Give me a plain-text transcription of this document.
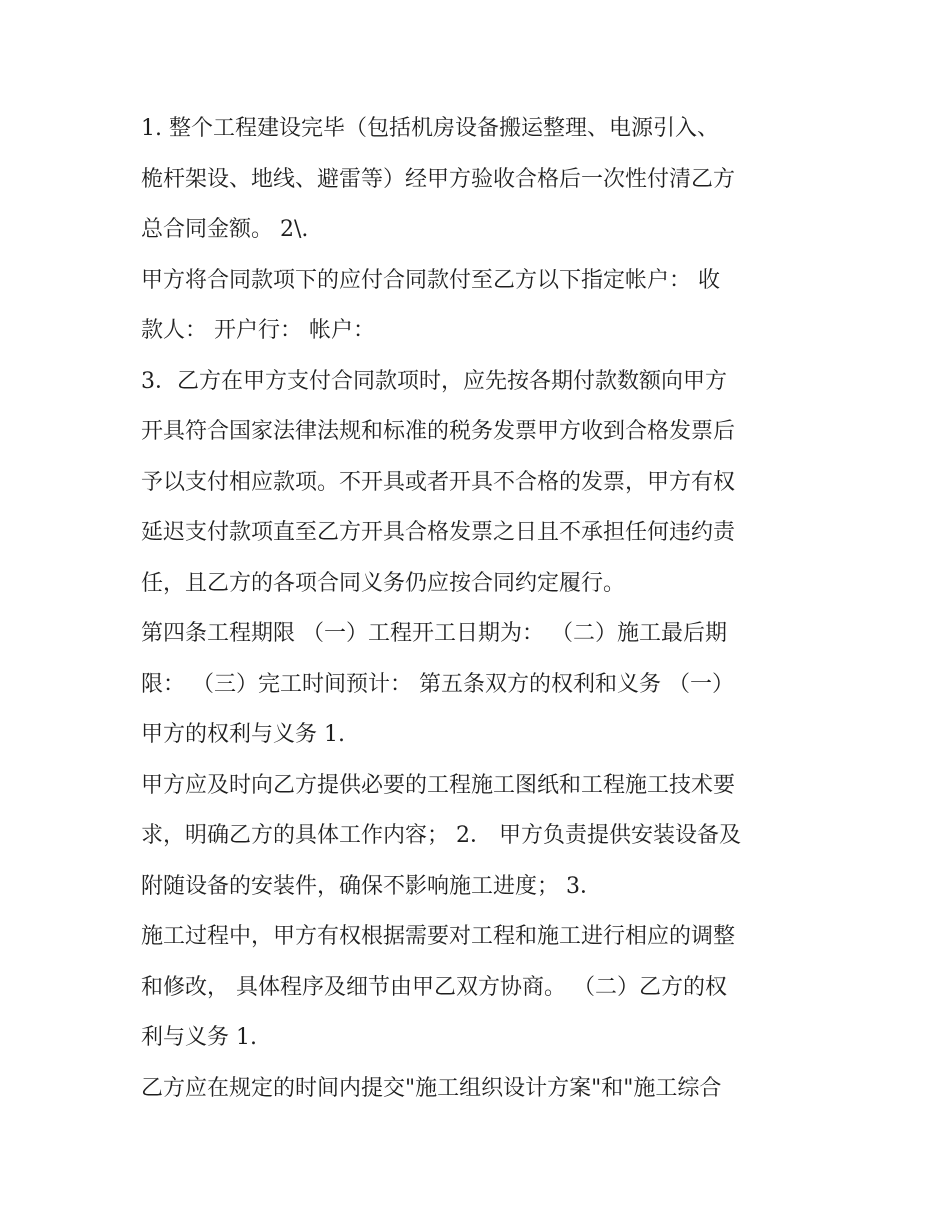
1. 整个工程建设完毕（包括机房设备搬运整理、电源引入、
桅杆架设、地线、避雷等）经甲方验收合格后一次性付清乙方
总合同金额。 2\.
甲方将合同款项下的应付合同款付至乙方以下指定帐户： 收
款人： 开户行： 帐户：
3．乙方在甲方支付合同款项时，应先按各期付款数额向甲方
开具符合国家法律法规和标准的税务发票甲方收到合格发票后
予以支付相应款项。不开具或者开具不合格的发票，甲方有权
延迟支付款项直至乙方开具合格发票之日且不承担任何违约责
任，且乙方的各项合同义务仍应按合同约定履行。
第四条工程期限 （一）工程开工日期为： （二）施工最后期
限： （三）完工时间预计： 第五条双方的权利和义务 （一）
甲方的权利与义务 1.
甲方应及时向乙方提供必要的工程施工图纸和工程施工技术要
求，明确乙方的具体工作内容； 2． 甲方负责提供安装设备及
附随设备的安装件，确保不影响施工进度； 3．
施工过程中，甲方有权根据需要对工程和施工进行相应的调整
和修改， 具体程序及细节由甲乙双方协商。 （二）乙方的权
利与义务 1.
乙方应在规定的时间内提交"施工组织设计方案"和"施工综合
